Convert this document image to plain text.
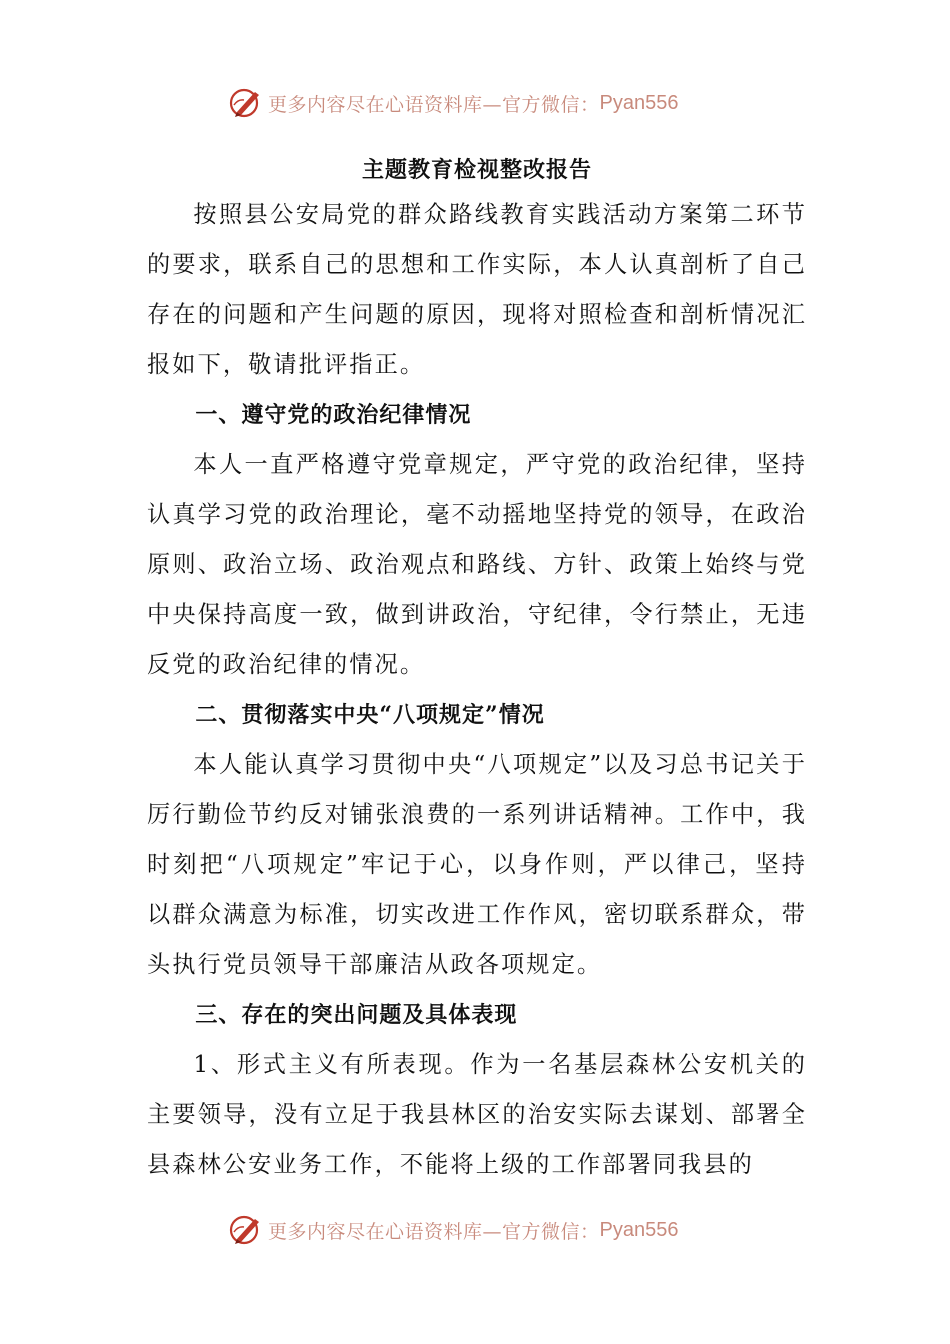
更多内容尽在心语资料库—官方微信： Pyan556
主题教育检视整改报告

按照县公安局党的群众路线教育实践活动方案第二环节的要求，联系自己的思想和工作实际，本人认真剖析了自己存在的问题和产生问题的原因，现将对照检查和剖析情况汇报如下，敬请批评指正。

一、遵守党的政治纪律情况

本人一直严格遵守党章规定，严守党的政治纪律，坚持认真学习党的政治理论，毫不动摇地坚持党的领导，在政治原则、政治立场、政治观点和路线、方针、政策上始终与党中央保持高度一致，做到讲政治，守纪律，令行禁止，无违反党的政治纪律的情况。

二、贯彻落实中央“八项规定”情况

本人能认真学习贯彻中央“八项规定”以及习总书记关于厉行勤俭节约反对铺张浪费的一系列讲话精神。工作中，我时刻把“八项规定”牢记于心，以身作则，严以律己，坚持以群众满意为标准，切实改进工作作风，密切联系群众，带头执行党员领导干部廉洁从政各项规定。

三、存在的突出问题及具体表现

1、形式主义有所表现。作为一名基层森林公安机关的主要领导，没有立足于我县林区的治安实际去谋划、部署全县森林公安业务工作，不能将上级的工作部署同我县的

更多内容尽在心语资料库—官方微信： Pyan556
